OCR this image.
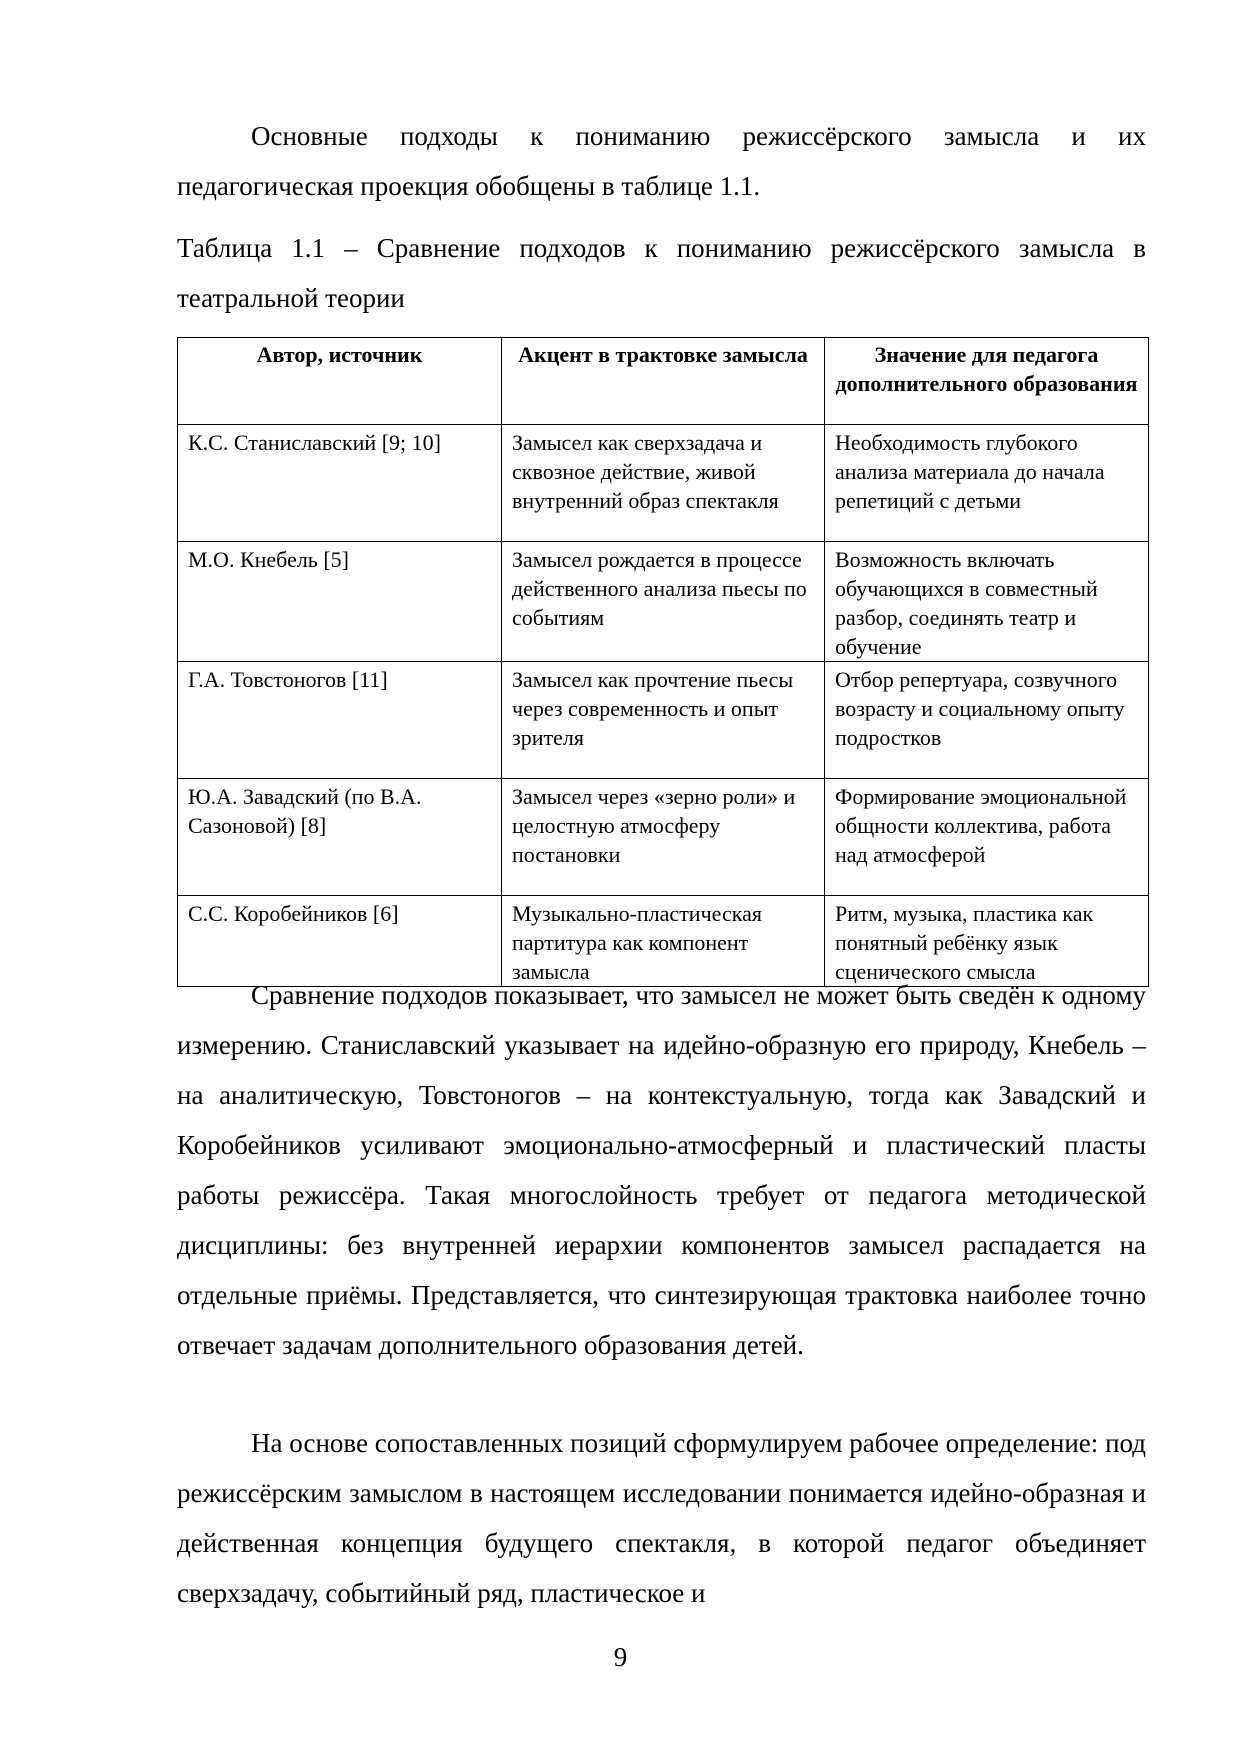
Основные подходы к пониманию режиссёрского замысла и их педагогическая проекция обобщены в таблице 1.1.

Таблица 1.1 – Сравнение подходов к пониманию режиссёрского замысла в театральной теории

Автор, источник	Акцент в трактовке замысла	Значение для педагога дополнительного образования
К.С. Станиславский [9; 10]	Замысел как сверхзадача и сквозное действие, живой внутренний образ спектакля	Необходимость глубокого анализа материала до начала репетиций с детьми
М.О. Кнебель [5]	Замысел рождается в процессе действенного анализа пьесы по событиям	Возможность включать обучающихся в совместный разбор, соединять театр и обучение
Г.А. Товстоногов [11]	Замысел как прочтение пьесы через современность и опыт зрителя	Отбор репертуара, созвучного возрасту и социальному опыту подростков
Ю.А. Завадский (по В.А. Сазоновой) [8]	Замысел через «зерно роли» и целостную атмосферу постановки	Формирование эмоциональной общности коллектива, работа над атмосферой
С.С. Коробейников [6]	Музыкально-пластическая партитура как компонент замысла	Ритм, музыка, пластика как понятный ребёнку язык сценического смысла

Сравнение подходов показывает, что замысел не может быть сведён к одному измерению. Станиславский указывает на идейно-образную его природу, Кнебель – на аналитическую, Товстоногов – на контекстуальную, тогда как Завадский и Коробейников усиливают эмоционально-атмосферный и пластический пласты работы режиссёра. Такая многослойность требует от педагога методической дисциплины: без внутренней иерархии компонентов замысел распадается на отдельные приёмы. Представляется, что синтезирующая трактовка наиболее точно отвечает задачам дополнительного образования детей.

На основе сопоставленных позиций сформулируем рабочее определение: под режиссёрским замыслом в настоящем исследовании понимается идейно-образная и действенная концепция будущего спектакля, в которой педагог объединяет сверхзадачу, событийный ряд, пластическое и

9
